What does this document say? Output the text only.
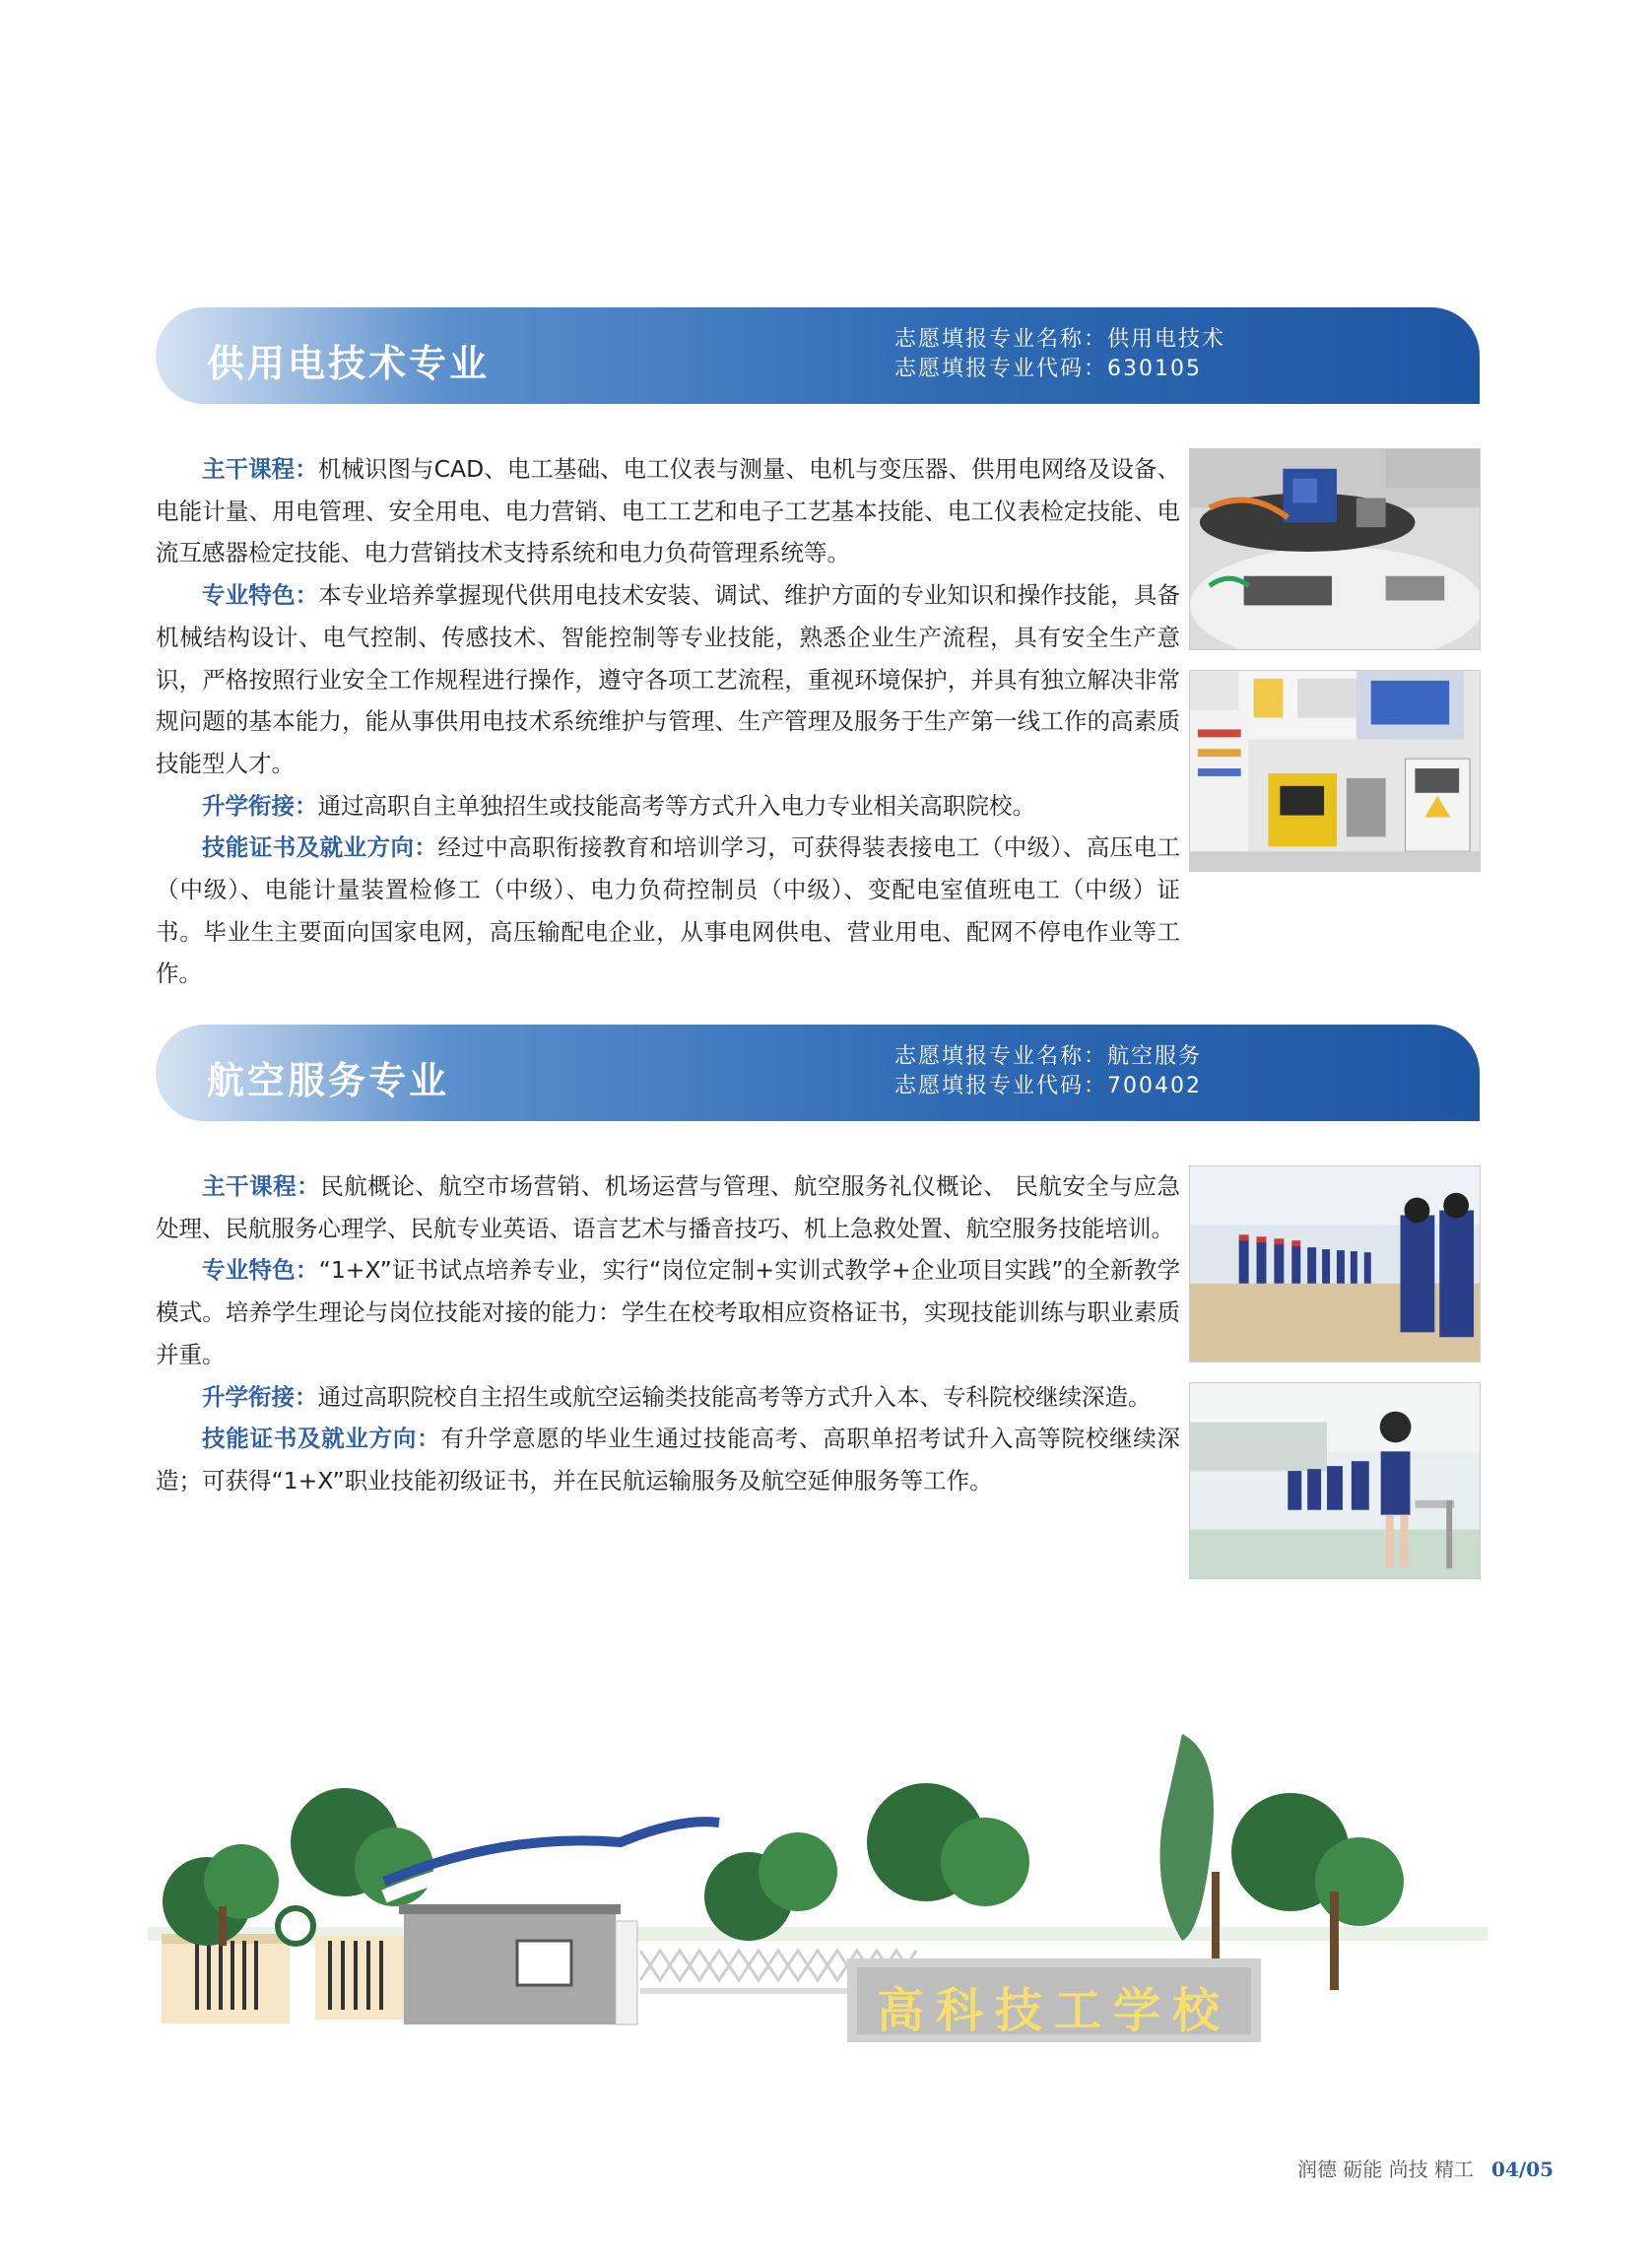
供用电技术专业
志愿填报专业名称：供用电技术
志愿填报专业代码：630105

主干课程：机械识图与CAD、电工基础、电工仪表与测量、电机与变压器、供用电网络及设备、电能计量、用电管理、安全用电、电力营销、电工工艺和电子工艺基本技能、电工仪表检定技能、电流互感器检定技能、电力营销技术支持系统和电力负荷管理系统等。

专业特色：本专业培养掌握现代供用电技术安装、调试、维护方面的专业知识和操作技能，具备机械结构设计、电气控制、传感技术、智能控制等专业技能，熟悉企业生产流程，具有安全生产意识，严格按照行业安全工作规程进行操作，遵守各项工艺流程，重视环境保护，并具有独立解决非常规问题的基本能力，能从事供用电技术系统维护与管理、生产管理及服务于生产第一线工作的高素质技能型人才。

升学衔接：通过高职自主单独招生或技能高考等方式升入电力专业相关高职院校。

技能证书及就业方向：经过中高职衔接教育和培训学习，可获得装表接电工（中级）、高压电工（中级）、电能计量装置检修工（中级）、电力负荷控制员（中级）、变配电室值班电工（中级）证书。毕业生主要面向国家电网，高压输配电企业，从事电网供电、营业用电、配网不停电作业等工作。

航空服务专业
志愿填报专业名称：航空服务
志愿填报专业代码：700402

主干课程：民航概论、航空市场营销、机场运营与管理、航空服务礼仪概论、 民航安全与应急处理、民航服务心理学、民航专业英语、语言艺术与播音技巧、机上急救处置、航空服务技能培训。

专业特色：“1+X”证书试点培养专业，实行“岗位定制+实训式教学+企业项目实践”的全新教学模式。培养学生理论与岗位技能对接的能力：学生在校考取相应资格证书，实现技能训练与职业素质并重。

升学衔接：通过高职院校自主招生或航空运输类技能高考等方式升入本、专科院校继续深造。

技能证书及就业方向：有升学意愿的毕业生通过技能高考、高职单招考试升入高等院校继续深造；可获得“1+X”职业技能初级证书，并在民航运输服务及航空延伸服务等工作。

高科技工学校
润德 砺能 尚技 精工 04/05
